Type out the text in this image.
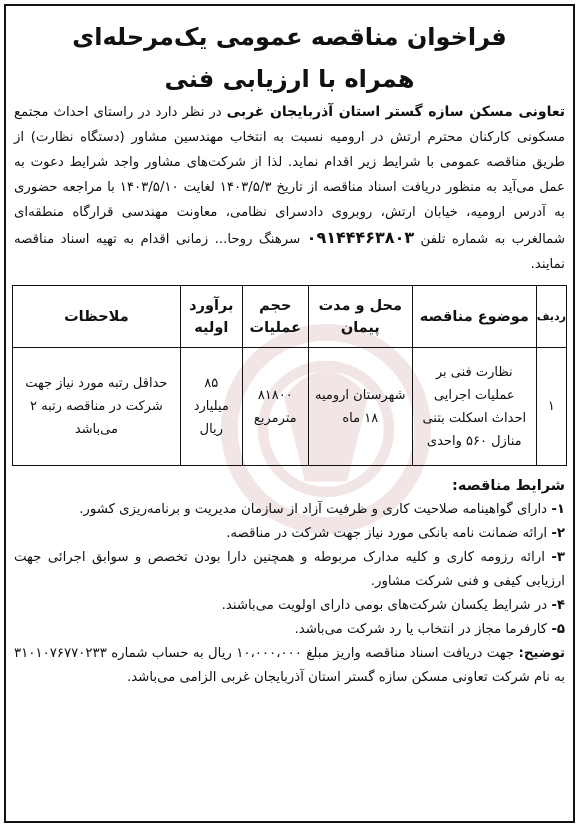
فراخوان مناقصه عمومی یک‌مرحله‌ای
همراه با ارزیابی فنی

تعاونی مسکن سازه گستر استان آذربایجان غربی در نظر دارد در راستای احداث مجتمع مسکونی کارکنان محترم ارتش در ارومیه نسبت به انتخاب مهندسین مشاور (دستگاه نظارت) از طریق مناقصه عمومی با شرایط زیر اقدام نماید. لذا از شرکت‌های مشاور واجد شرایط دعوت به عمل می‌آید به منظور دریافت اسناد مناقصه از تاریخ ۱۴۰۳/۵/۳ لغایت ۱۴۰۳/۵/۱۰ با مراجعه حضوری به آدرس ارومیه، خیابان ارتش، روبروی دادسرای نظامی، معاونت مهندسی قرارگاه منطقه‌ای شمالغرب به شماره تلفن ۰۹۱۴۴۴۶۳۸۰۳ سرهنگ روحا... زمانی اقدام به تهیه اسناد مناقصه نمایند.

ردیف	موضوع مناقصه	محل و مدت پیمان	حجم عملیات	برآورد اولیه	ملاحظات
۱	نظارت فنی بر عملیات اجرایی احداث اسکلت بتنی منازل ۵۶۰ واحدی	شهرستان ارومیه ۱۸ ماه	۸۱۸۰۰ مترمربع	۸۵ میلیارد ریال	حداقل رتبه مورد نیاز جهت شرکت در مناقصه رتبه ۲ می‌باشد
شرایط مناقصه:
۱- دارای گواهینامه صلاحیت کاری و ظرفیت آزاد از سازمان مدیریت و برنامه‌ریزی کشور.
۲- ارائه ضمانت نامه بانکی مورد نیاز جهت شرکت در مناقصه.
۳- ارائه رزومه کاری و کلیه مدارک مربوطه و همچنین دارا بودن تخصص و سوابق اجرائی جهت ارزیابی کیفی و فنی شرکت مشاور.
۴- در شرایط یکسان شرکت‌های بومی دارای اولویت می‌باشند.
۵- کارفرما مجاز در انتخاب یا رد شرکت می‌باشد.
توضیح: جهت دریافت اسناد مناقصه واریز مبلغ ۱۰،۰۰۰،۰۰۰ ریال به حساب شماره ۳۱۰۱۰۷۶۷۷۰۲۳۳ به نام شرکت تعاونی مسکن سازه گستر استان آذربایجان غربی الزامی می‌باشد.
